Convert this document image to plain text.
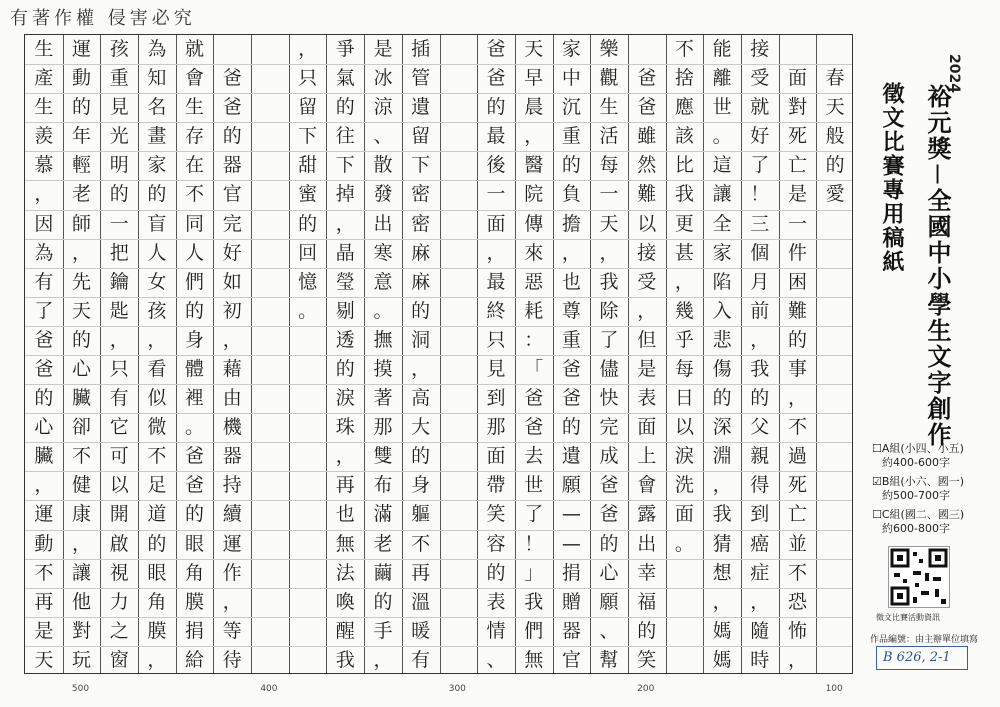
有著作權 侵害必究
春
天
般
的
愛
面
對
死
亡
是
一
件
困
難
的
事
，
不
過
死
亡
並
不
恐
怖
，
接
受
就
好
了
！
三
個
月
前
，
我
的
父
親
得
到
癌
症
，
隨
時
能
離
世
。
這
讓
全
家
陷
入
悲
傷
的
深
淵
，
我
猜
想
，
媽
媽
不
捨
應
該
比
我
更
甚
，
幾
乎
每
日
以
淚
洗
面
。
爸
爸
雖
然
難
以
接
受
，
但
是
表
面
上
會
露
出
幸
福
的
笑
樂
觀
生
活
每
一
天
，
我
除
了
儘
快
完
成
爸
爸
的
心
願
、
幫
家
中
沉
重
的
負
擔
，
也
尊
重
爸
爸
的
遺
願
—
—
捐
贈
器
官
天
早
晨
，
醫
院
傳
來
惡
耗
：
「
爸
爸
去
世
了
！
」
我
們
無
爸
爸
的
最
後
一
面
，
最
終
只
見
到
那
面
帶
笑
容
的
表
情
、
插
管
遺
留
下
密
密
麻
麻
的
洞
，
高
大
的
身
軀
不
再
溫
暖
有
是
冰
涼
、
散
發
出
寒
意
。
撫
摸
著
那
雙
布
滿
老
繭
的
手
，
爭
氣
的
往
下
掉
，
晶
瑩
剔
透
的
淚
珠
，
再
也
無
法
喚
醒
我
，
只
留
下
甜
蜜
的
回
憶
。
爸
爸
的
器
官
完
好
如
初
，
藉
由
機
器
持
續
運
作
，
等
待
就
會
生
存
在
不
同
人
們
的
身
體
裡
。
爸
爸
的
眼
角
膜
捐
給
為
知
名
畫
家
的
盲
人
女
孩
，
看
似
微
不
足
道
的
眼
角
膜
，
孩
重
見
光
明
的
一
把
鑰
匙
，
只
有
它
可
以
開
啟
視
力
之
窗
運
動
的
年
輕
老
師
，
先
天
的
心
臟
卻
不
健
康
，
讓
他
對
玩
生
產
生
羨
慕
，
因
為
有
了
爸
爸
的
心
臟
，
運
動
不
再
是
天
500	400	300	200	100
2024
裕元獎－全國中小學生文字創作
徵文比賽專用稿紙
☐A組(小四、小五)
約400-600字
☑B組(小六、國一)
約500-700字
☐C組(國二、國三)
約600-800字
徵文比賽活動資訊
作品編號：由主辦單位填寫
B 626, 2-1
